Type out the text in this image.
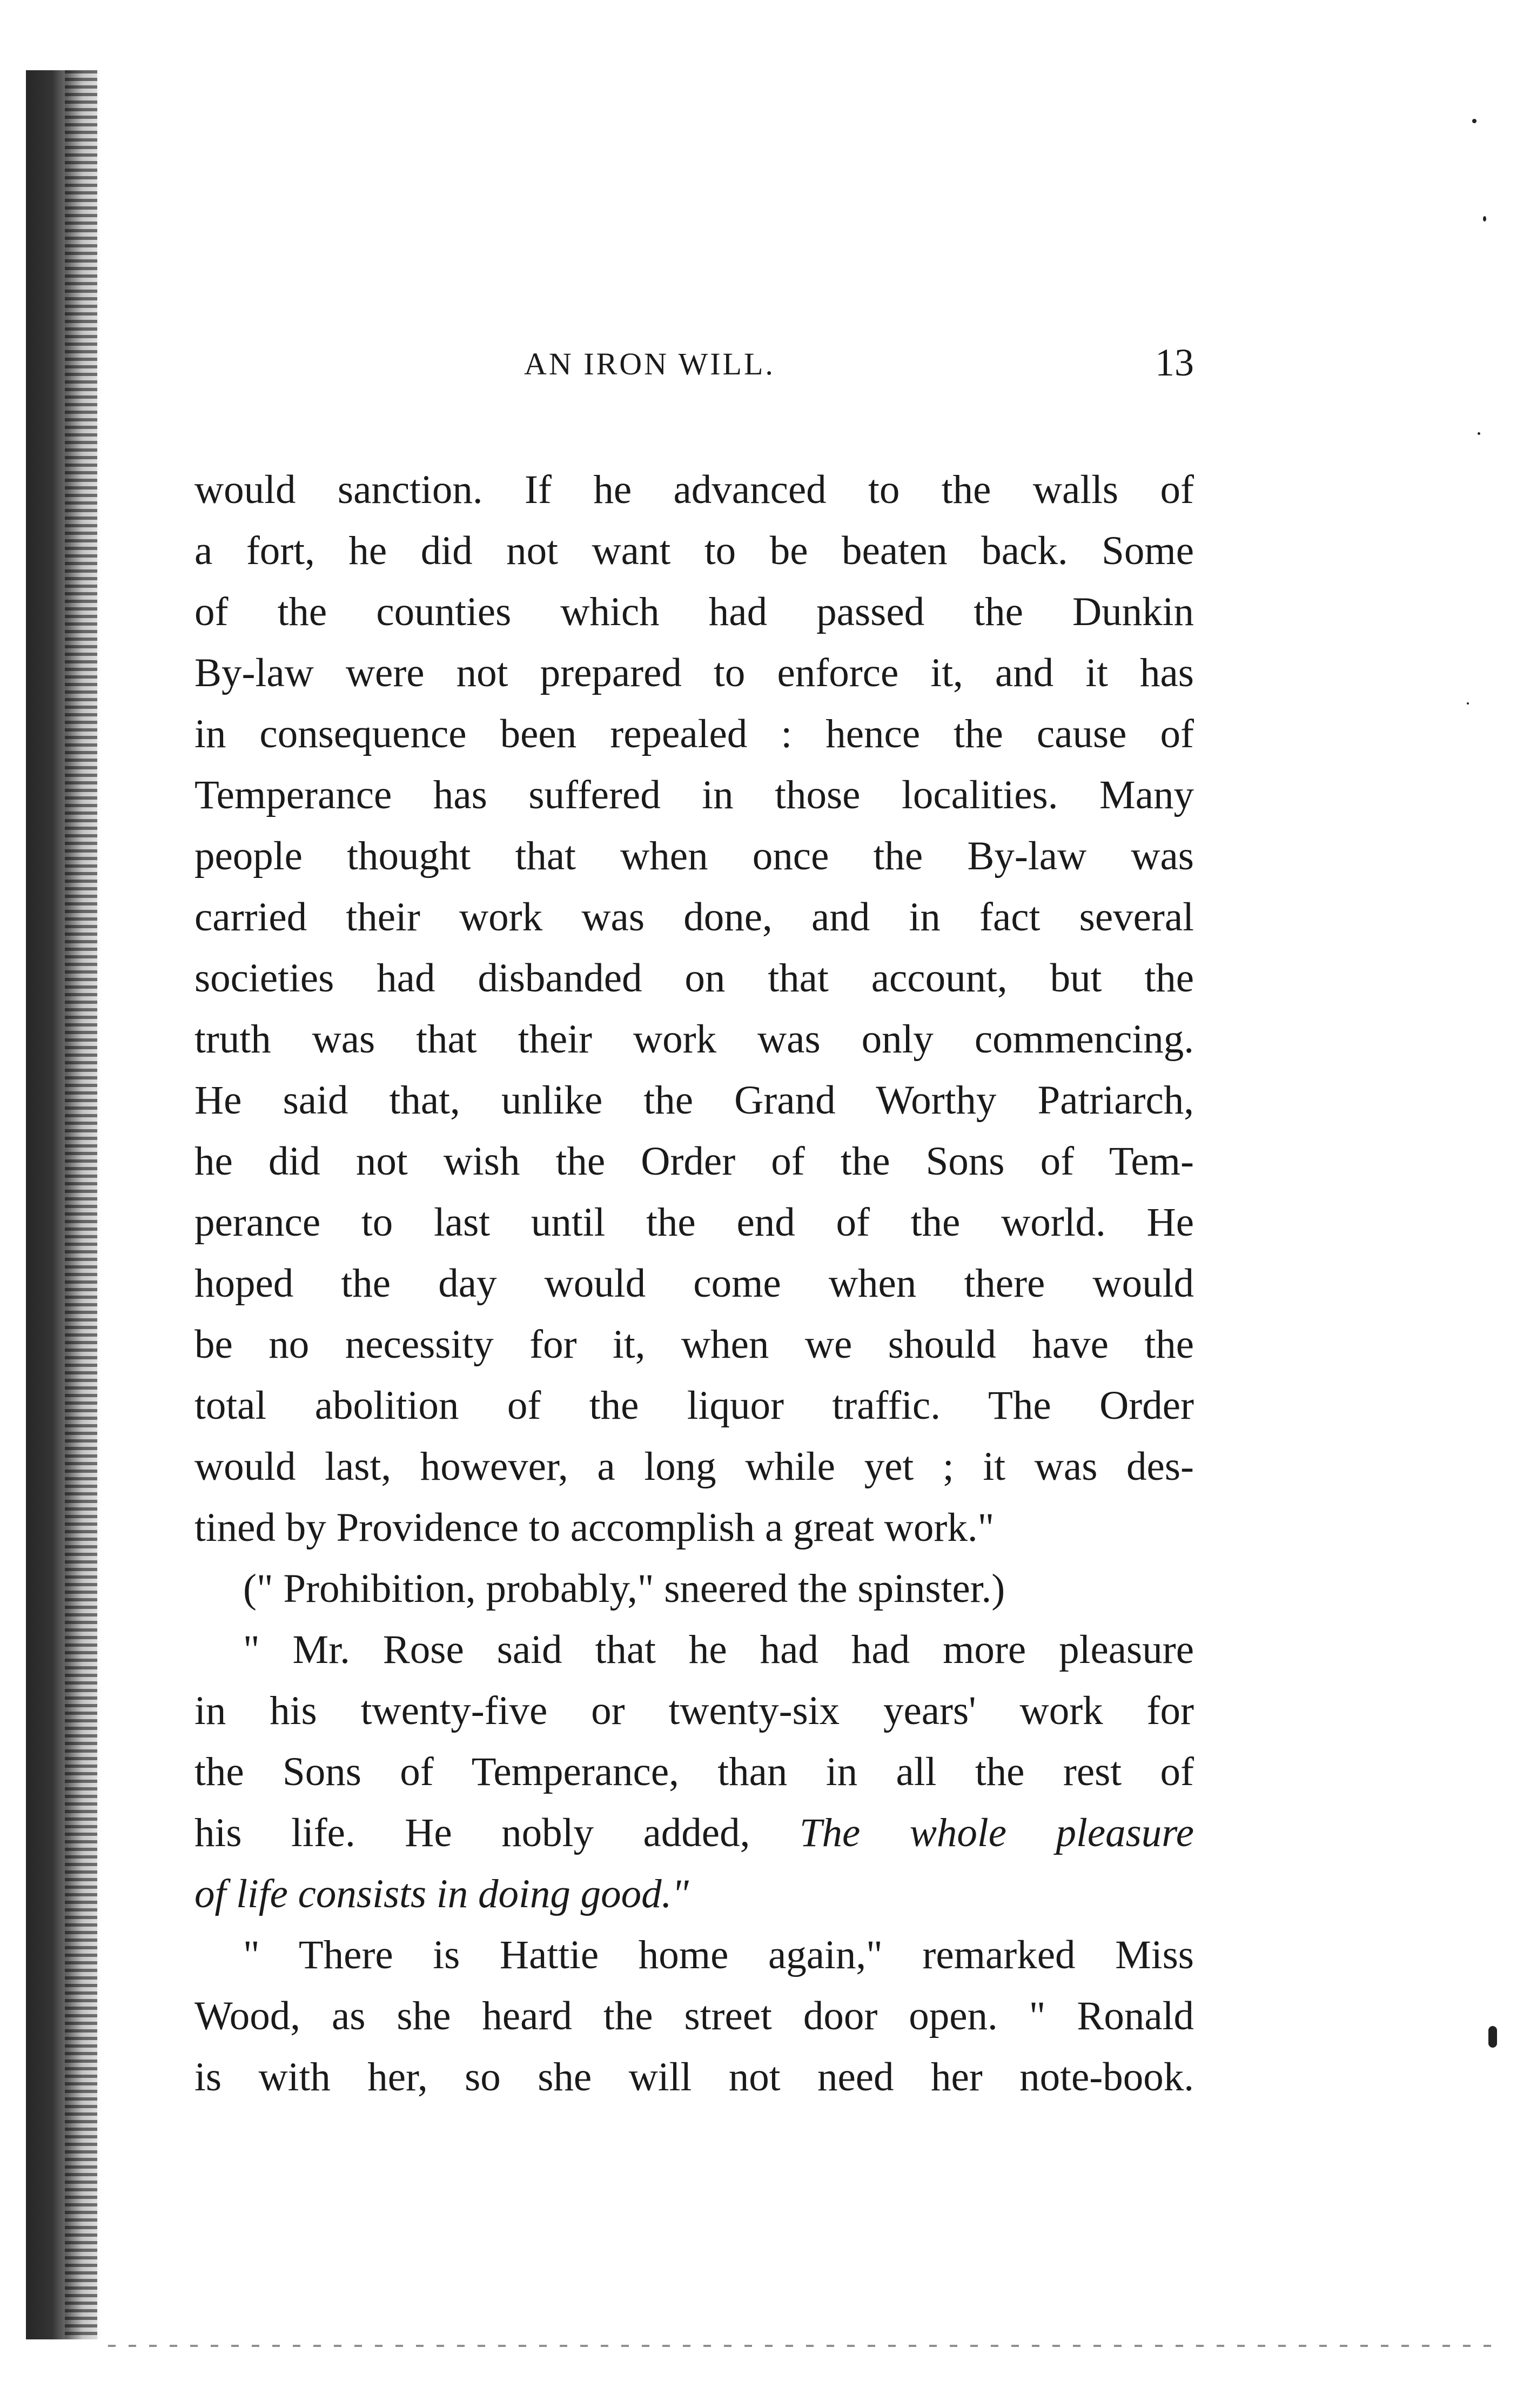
AN IRON WILL.	13
would sanction. If he advanced to the walls of
a fort, he did not want to be beaten back. Some
of the counties which had passed the Dunkin
By-law were not prepared to enforce it, and it has
in consequence been repealed : hence the cause of
Temperance has suffered in those localities. Many
people thought that when once the By-law was
carried their work was done, and in fact several
societies had disbanded on that account, but the
truth was that their work was only commencing.
He said that, unlike the Grand Worthy Patriarch,
he did not wish the Order of the Sons of Tem-
perance to last until the end of the world. He
hoped the day would come when there would
be no necessity for it, when we should have the
total abolition of the liquor traffic. The Order
would last, however, a long while yet ; it was des-
tined by Providence to accomplish a great work."
(" Prohibition, probably," sneered the spinster.)
" Mr. Rose said that he had had more pleasure
in his twenty-five or twenty-six years' work for
the Sons of Temperance, than in all the rest of
his life. He nobly added, The whole pleasure
of life consists in doing good."
" There is Hattie home again," remarked Miss
Wood, as she heard the street door open. " Ronald
is with her, so she will not need her note-book.
